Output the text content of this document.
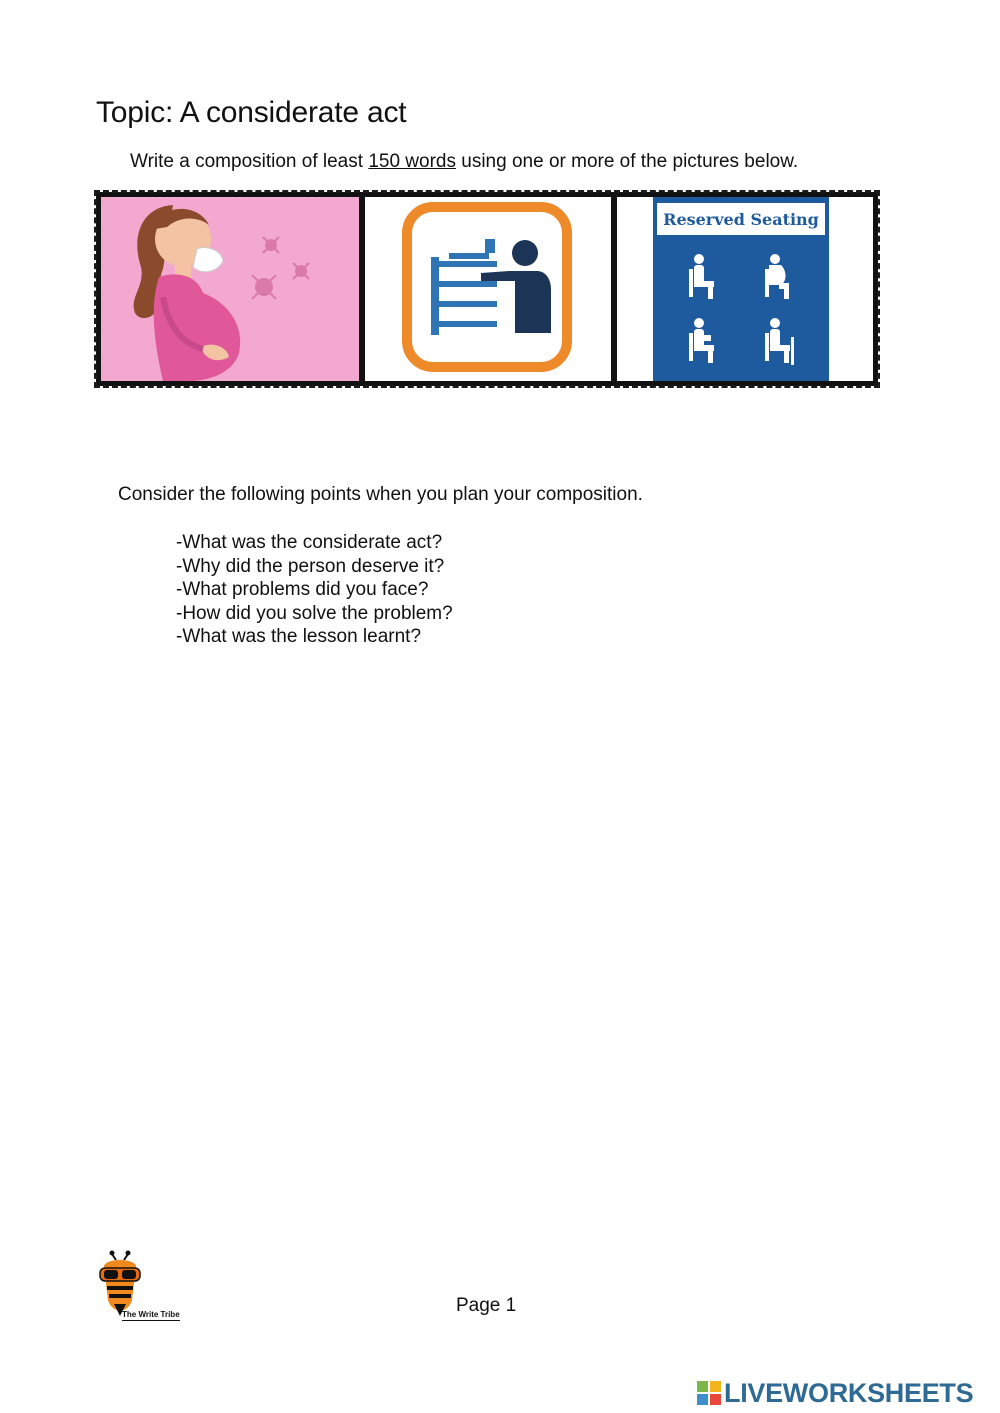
Topic: A considerate act

Write a composition of least 150 words using one or more of the pictures below.

Reserved Seating

Consider the following points when you plan your composition.

-What was the considerate act?
-Why did the person deserve it?
-What problems did you face?
-How did you solve the problem?
-What was the lesson learnt?
The Write Tribe	Page 1

LIVEWORKSHEETS
